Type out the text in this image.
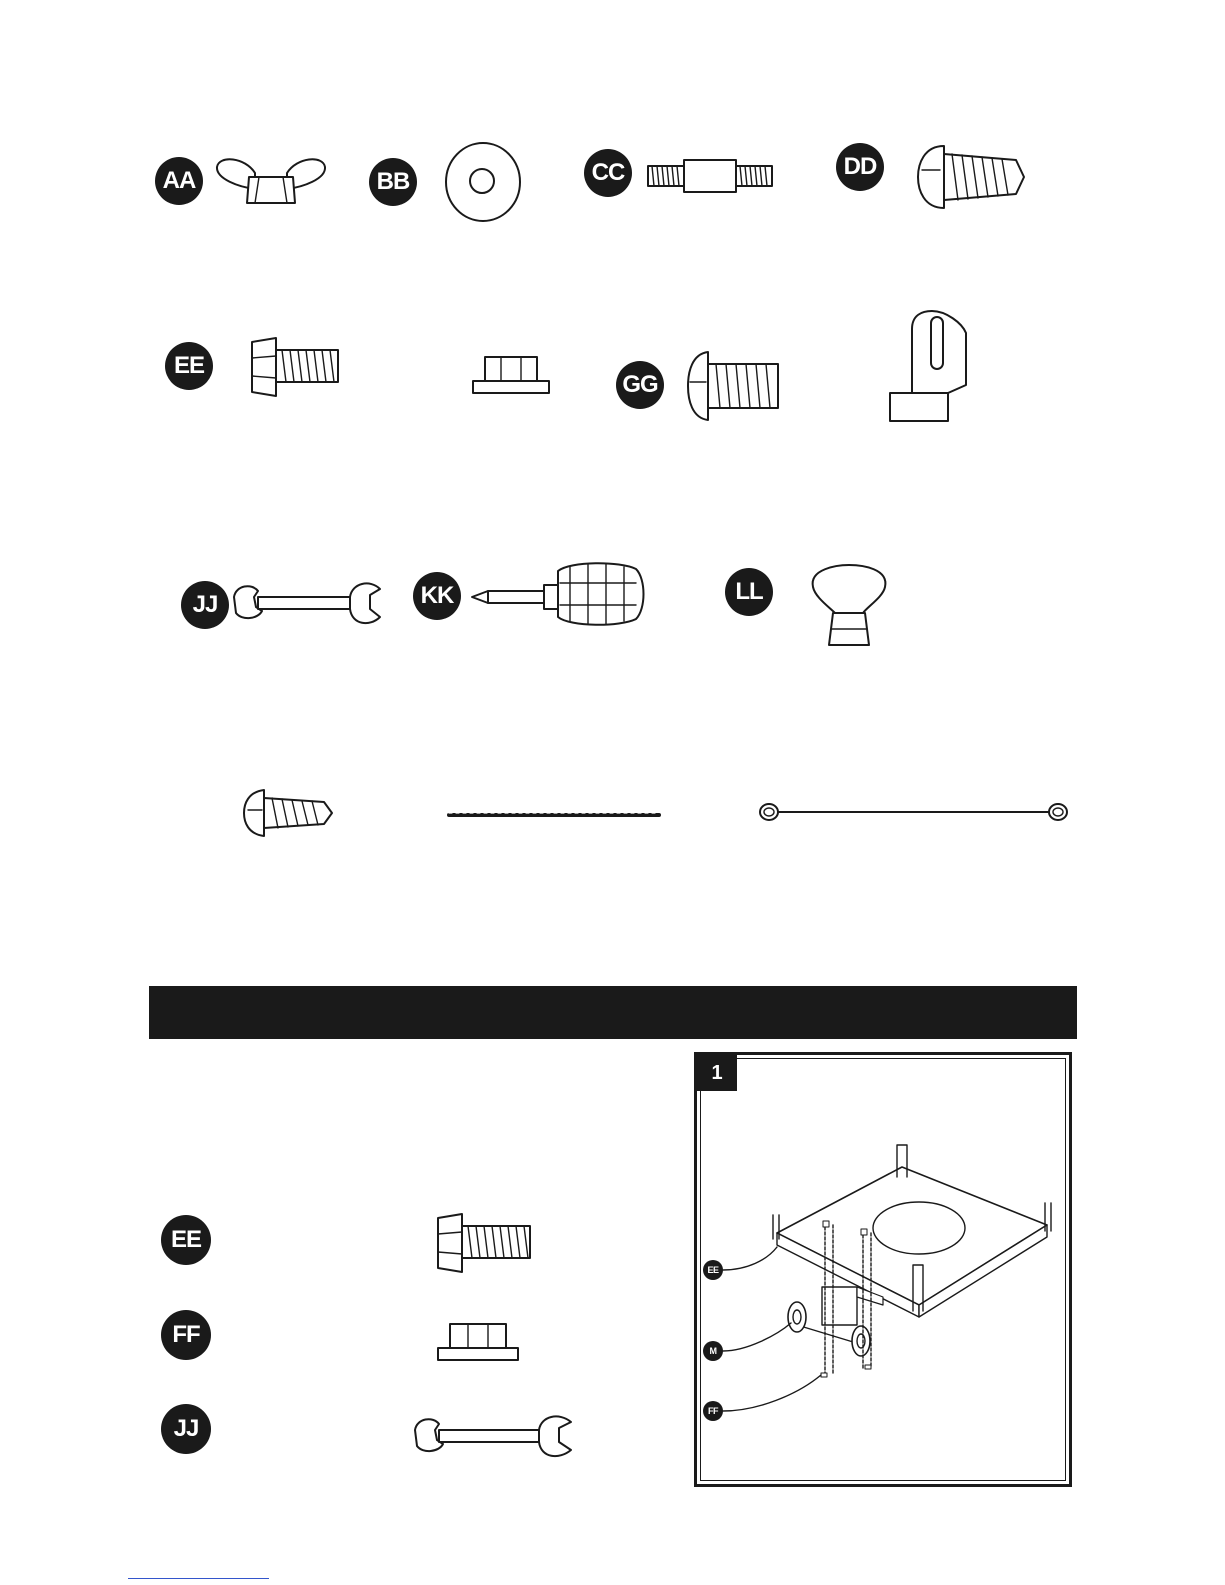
AA	BB	CC	DD
EE
GG
JJ	KK	LL
EE
FF
JJ
1
EE
M
FF
